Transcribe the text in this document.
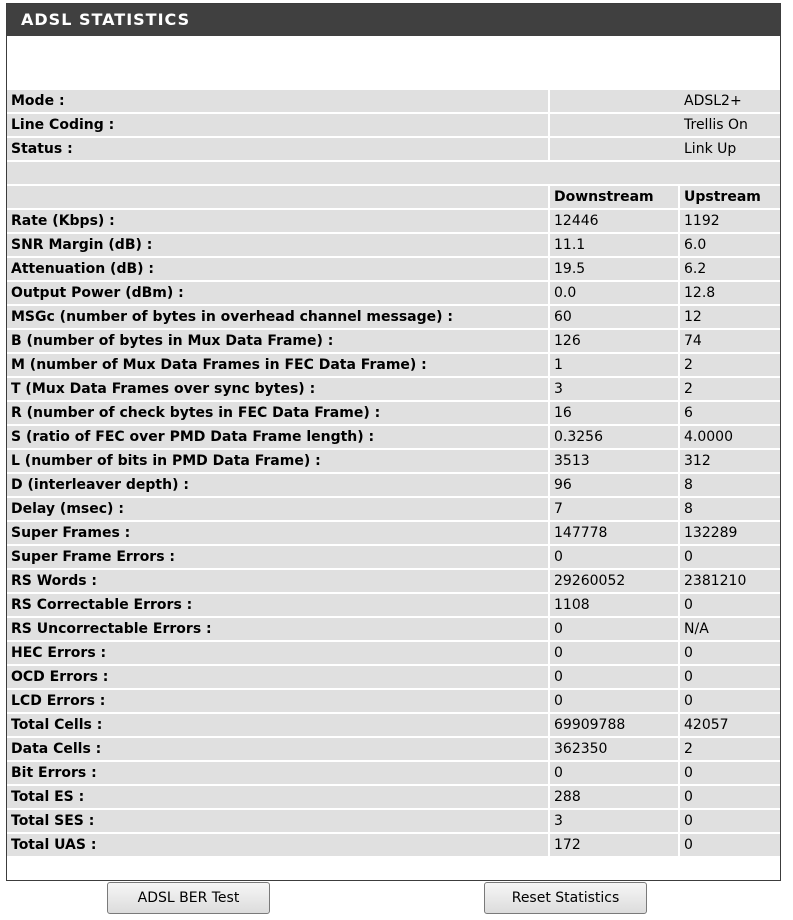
ADSL STATISTICS
Mode :	ADSL2+	
Line Coding :	Trellis On	
Status :	Link Up	

	Downstream	Upstream
Rate (Kbps) :	12446	1192
SNR Margin (dB) :	11.1	6.0
Attenuation (dB) :	19.5	6.2
Output Power (dBm) :	0.0	12.8
MSGc (number of bytes in overhead channel message) :	60	12
B (number of bytes in Mux Data Frame) :	126	74
M (number of Mux Data Frames in FEC Data Frame) :	1	2
T (Mux Data Frames over sync bytes) :	3	2
R (number of check bytes in FEC Data Frame) :	16	6
S (ratio of FEC over PMD Data Frame length) :	0.3256	4.0000
L (number of bits in PMD Data Frame) :	3513	312
D (interleaver depth) :	96	8
Delay (msec) :	7	8
Super Frames :	147778	132289
Super Frame Errors :	0	0
RS Words :	29260052	2381210
RS Correctable Errors :	1108	0
RS Uncorrectable Errors :	0	N/A
HEC Errors :	0	0
OCD Errors :	0	0
LCD Errors :	0	0
Total Cells :	69909788	42057
Data Cells :	362350	2
Bit Errors :	0	0
Total ES :	288	0
Total SES :	3	0
Total UAS :	172	0
ADSL BER Test	Reset Statistics
